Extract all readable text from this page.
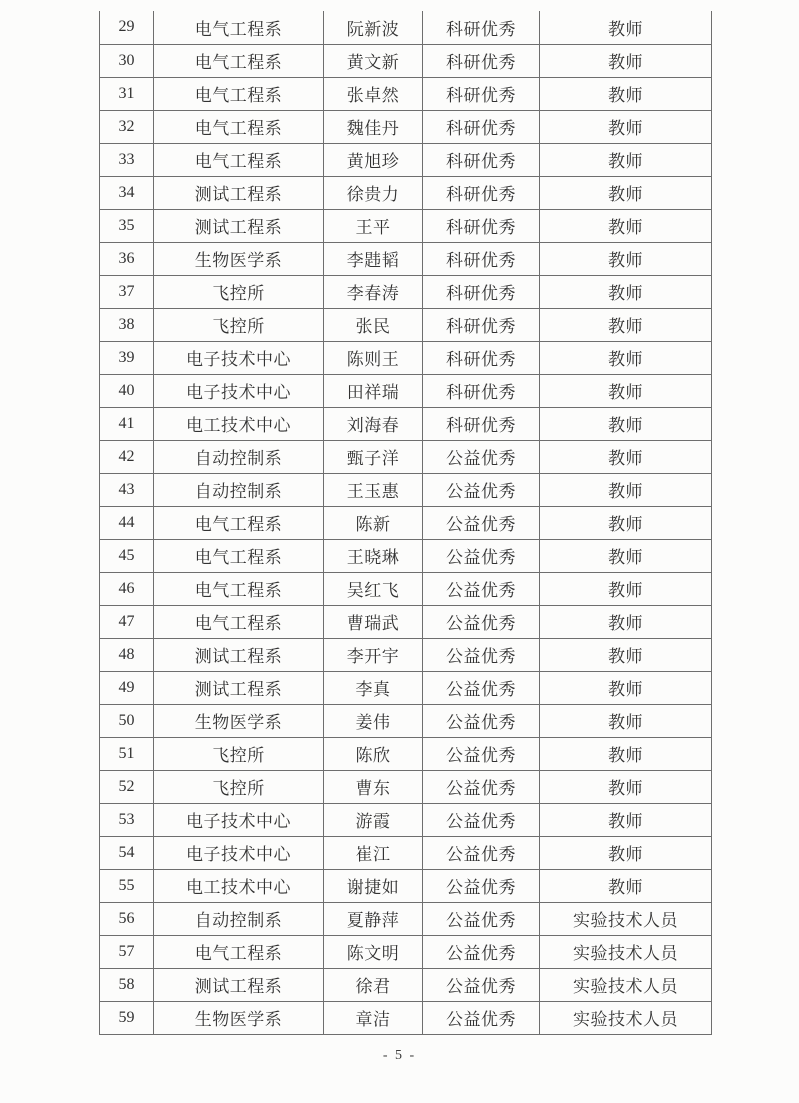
29	电气工程系	阮新波	科研优秀	教师
30	电气工程系	黄文新	科研优秀	教师
31	电气工程系	张卓然	科研优秀	教师
32	电气工程系	魏佳丹	科研优秀	教师
33	电气工程系	黄旭珍	科研优秀	教师
34	测试工程系	徐贵力	科研优秀	教师
35	测试工程系	王平	科研优秀	教师
36	生物医学系	李韪韬	科研优秀	教师
37	飞控所	李春涛	科研优秀	教师
38	飞控所	张民	科研优秀	教师
39	电子技术中心	陈则王	科研优秀	教师
40	电子技术中心	田祥瑞	科研优秀	教师
41	电工技术中心	刘海春	科研优秀	教师
42	自动控制系	甄子洋	公益优秀	教师
43	自动控制系	王玉惠	公益优秀	教师
44	电气工程系	陈新	公益优秀	教师
45	电气工程系	王晓琳	公益优秀	教师
46	电气工程系	吴红飞	公益优秀	教师
47	电气工程系	曹瑞武	公益优秀	教师
48	测试工程系	李开宇	公益优秀	教师
49	测试工程系	李真	公益优秀	教师
50	生物医学系	姜伟	公益优秀	教师
51	飞控所	陈欣	公益优秀	教师
52	飞控所	曹东	公益优秀	教师
53	电子技术中心	游霞	公益优秀	教师
54	电子技术中心	崔江	公益优秀	教师
55	电工技术中心	谢捷如	公益优秀	教师
56	自动控制系	夏静萍	公益优秀	实验技术人员
57	电气工程系	陈文明	公益优秀	实验技术人员
58	测试工程系	徐君	公益优秀	实验技术人员
59	生物医学系	章洁	公益优秀	实验技术人员
- 5 -
